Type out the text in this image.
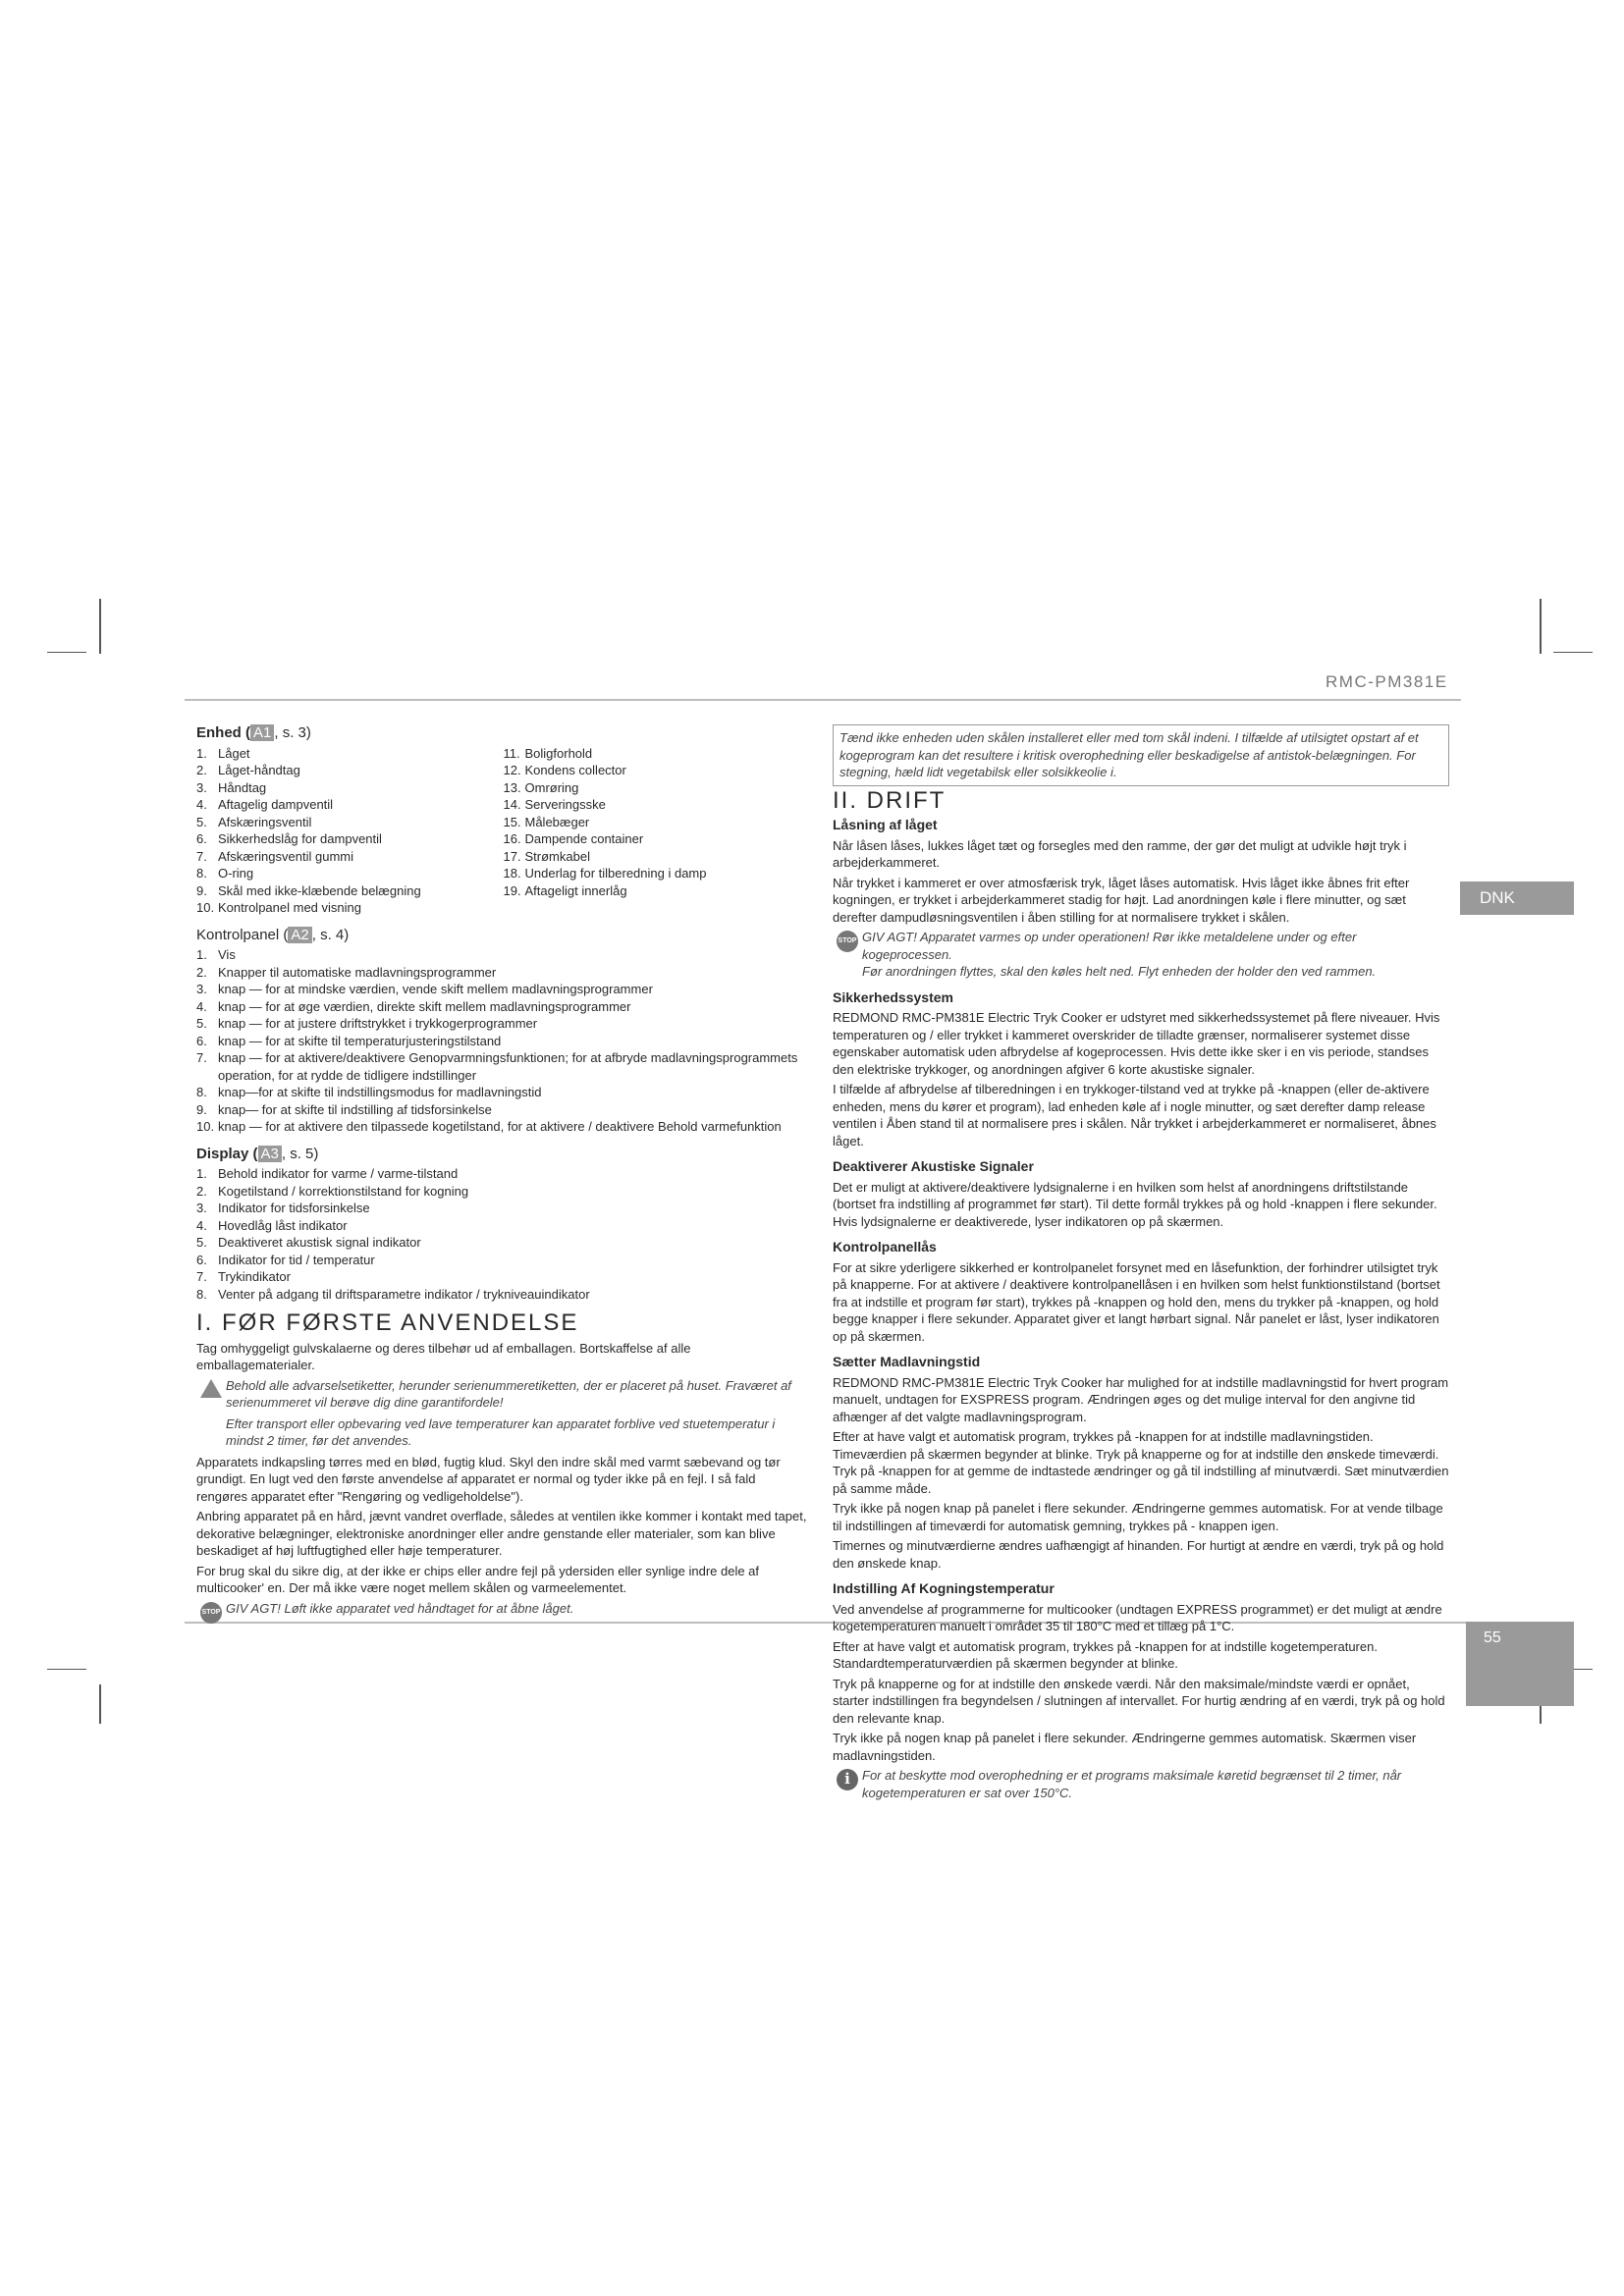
RMC-PM381E
DNK
55
Enhed ( A1 , s. 3)
1. Låget
2. Låget-håndtag
3. Håndtag
4. Aftagelig dampventil
5. Afskæringsventil
6. Sikkerhedslåg for dampventil
7. Afskæringsventil gummi
8. O-ring
9. Skål med ikke-klæbende belægning
10. Kontrolpanel med visning
11. Boligforhold
12. Kondens collector
13. Omrøring
14. Serveringsske
15. Målebæger
16. Dampende container
17. Strømkabel
18. Underlag for tilberedning i damp
19. Aftageligt innerlåg
Kontrolpanel ( A2 , s. 4)
1. Vis
2. Knapper til automatiske madlavningsprogrammer
3. knap — for at mindske værdien, vende skift mellem madlavningsprogrammer
4. knap — for at øge værdien, direkte skift mellem madlavningsprogrammer
5. knap — for at justere driftstrykket i trykkogerprogrammer
6. knap — for at skifte til temperaturjusteringstilstand
7. knap — for at aktivere/deaktivere Genopvarmningsfunktionen; for at afbryde madlavningsprogrammets operation, for at rydde de tidligere indstillinger
8. knap—for at skifte til indstillingsmodus for madlavningstid
9. knap— for at skifte til indstilling af tidsforsinkelse
10. knap — for at aktivere den tilpassede kogetilstand, for at aktivere / deaktivere Behold varmefunktion
Display ( A3 , s. 5)
1. Behold indikator for varme / varme-tilstand
2. Kogetilstand / korrektionstilstand for kogning
3. Indikator for tidsforsinkelse
4. Hovedlåg låst indikator
5. Deaktiveret akustisk signal indikator
6. Indikator for tid / temperatur
7. Trykindikator
8. Venter på adgang til driftsparametre indikator / trykniveauindikator
I. FØR FØRSTE ANVENDELSE

Tag omhyggeligt gulvskalaerne og deres tilbehør ud af emballagen. Bortskaffelse af alle emballagematerialer.

Behold alle advarselsetiketter, herunder serienummeretiketten, der er placeret på huset. Fraværet af serienummeret vil berøve dig dine garantifordele!
Efter transport eller opbevaring ved lave temperaturer kan apparatet forblive ved stuetemperatur i mindst 2 timer, før det anvendes.

Apparatets indkapsling tørres med en blød, fugtig klud. Skyl den indre skål med varmt sæbevand og tør grundigt. En lugt ved den første anvendelse af apparatet er normal og tyder ikke på en fejl. I så fald rengøres apparatet efter "Rengøring og vedligeholdelse").

Anbring apparatet på en hård, jævnt vandret overflade, således at ventilen ikke kommer i kontakt med tapet, dekorative belægninger, elektroniske anordninger eller andre genstande eller materialer, som kan blive beskadiget af høj luftfugtighed eller høje temperaturer.

For brug skal du sikre dig, at der ikke er chips eller andre fejl på ydersiden eller synlige indre dele af multicooker' en. Der må ikke være noget mellem skålen og varmeelementet.

STOP GIV AGT! Løft ikke apparatet ved håndtaget for at åbne låget.
Tænd ikke enheden uden skålen installeret eller med tom skål indeni. I tilfælde af utilsigtet opstart af et kogeprogram kan det resultere i kritisk overophedning eller beskadigelse af antistok-belægningen. For stegning, hæld lidt vegetabilsk eller solsikkeolie i.
II. DRIFT
Låsning af låget

Når låsen låses, lukkes låget tæt og forsegles med den ramme, der gør det muligt at udvikle højt tryk i arbejderkammeret.

Når trykket i kammeret er over atmosfærisk tryk, låget låses automatisk. Hvis låget ikke åbnes frit efter kogningen, er trykket i arbejderkammeret stadig for højt. Lad anordningen køle i flere minutter, og sæt derefter dampudløsningsventilen i åben stilling for at normalisere trykket i skålen.

STOP GIV AGT! Apparatet varmes op under operationen! Rør ikke metaldelene under og efter kogeprocessen.
Før anordningen flyttes, skal den køles helt ned. Flyt enheden der holder den ved rammen.
Sikkerhedssystem

REDMOND RMC-PM381E Electric Tryk Cooker er udstyret med sikkerhedssystemet på flere niveauer. Hvis temperaturen og / eller trykket i kammeret overskrider de tilladte grænser, normaliserer systemet disse egenskaber automatisk uden afbrydelse af kogeprocessen. Hvis dette ikke sker i en vis periode, standses den elektriske trykkoger, og anordningen afgiver 6 korte akustiske signaler.

I tilfælde af afbrydelse af tilberedningen i en trykkoger-tilstand ved at trykke på -knappen (eller de-aktivere enheden, mens du kører et program), lad enheden køle af i nogle minutter, og sæt derefter damp release ventilen i Åben stand til at normalisere pres i skålen. Når trykket i arbejderkammeret er normaliseret, åbnes låget.

Deaktiverer Akustiske Signaler

Det er muligt at aktivere/deaktivere lydsignalerne i en hvilken som helst af anordningens driftstilstande (bortset fra indstilling af programmet før start). Til dette formål trykkes på og hold -knappen i flere sekunder. Hvis lydsignalerne er deaktiverede, lyser indikatoren op på skærmen.

Kontrolpanellås

For at sikre yderligere sikkerhed er kontrolpanelet forsynet med en låsefunktion, der forhindrer utilsigtet tryk på knapperne. For at aktivere / deaktivere kontrolpanellåsen i en hvilken som helst funktionstilstand (bortset fra at indstille et program før start), trykkes på -knappen og hold den, mens du trykker på -knappen, og hold begge knapper i flere sekunder. Apparatet giver et langt hørbart signal. Når panelet er låst, lyser indikatoren op på skærmen.

Sætter Madlavningstid

REDMOND RMC-PM381E Electric Tryk Cooker har mulighed for at indstille madlavningstid for hvert program manuelt, undtagen for EXSPRESS program. Ændringen øges og det mulige interval for den angivne tid afhænger af det valgte madlavningsprogram.

Efter at have valgt et automatisk program, trykkes på -knappen for at indstille madlavningstiden. Timeværdien på skærmen begynder at blinke. Tryk på knapperne og for at indstille den ønskede timeværdi. Tryk på -knappen for at gemme de indtastede ændringer og gå til indstilling af minutværdi. Sæt minutværdien på samme måde.

Tryk ikke på nogen knap på panelet i flere sekunder. Ændringerne gemmes automatisk. For at vende tilbage til indstillingen af timeværdi for automatisk gemning, trykkes på - knappen igen.

Timernes og minutværdierne ændres uafhængigt af hinanden. For hurtigt at ændre en værdi, tryk på og hold den ønskede knap.

Indstilling Af Kogningstemperatur

Ved anvendelse af programmerne for multicooker (undtagen EXPRESS programmet) er det muligt at ændre kogetemperaturen manuelt i området 35 til 180°C med et tillæg på 1°C.

Efter at have valgt et automatisk program, trykkes på -knappen for at indstille kogetemperaturen. Standardtemperaturværdien på skærmen begynder at blinke.

Tryk på knapperne og for at indstille den ønskede værdi. Når den maksimale/mindste værdi er opnået, starter indstillingen fra begyndelsen / slutningen af intervallet. For hurtig ændring af en værdi, tryk på og hold den relevante knap.

Tryk ikke på nogen knap på panelet i flere sekunder. Ændringerne gemmes automatisk. Skærmen viser madlavningstiden.

i For at beskytte mod overophedning er et programs maksimale køretid begrænset til 2 timer, når kogetemperaturen er sat over 150°C.
